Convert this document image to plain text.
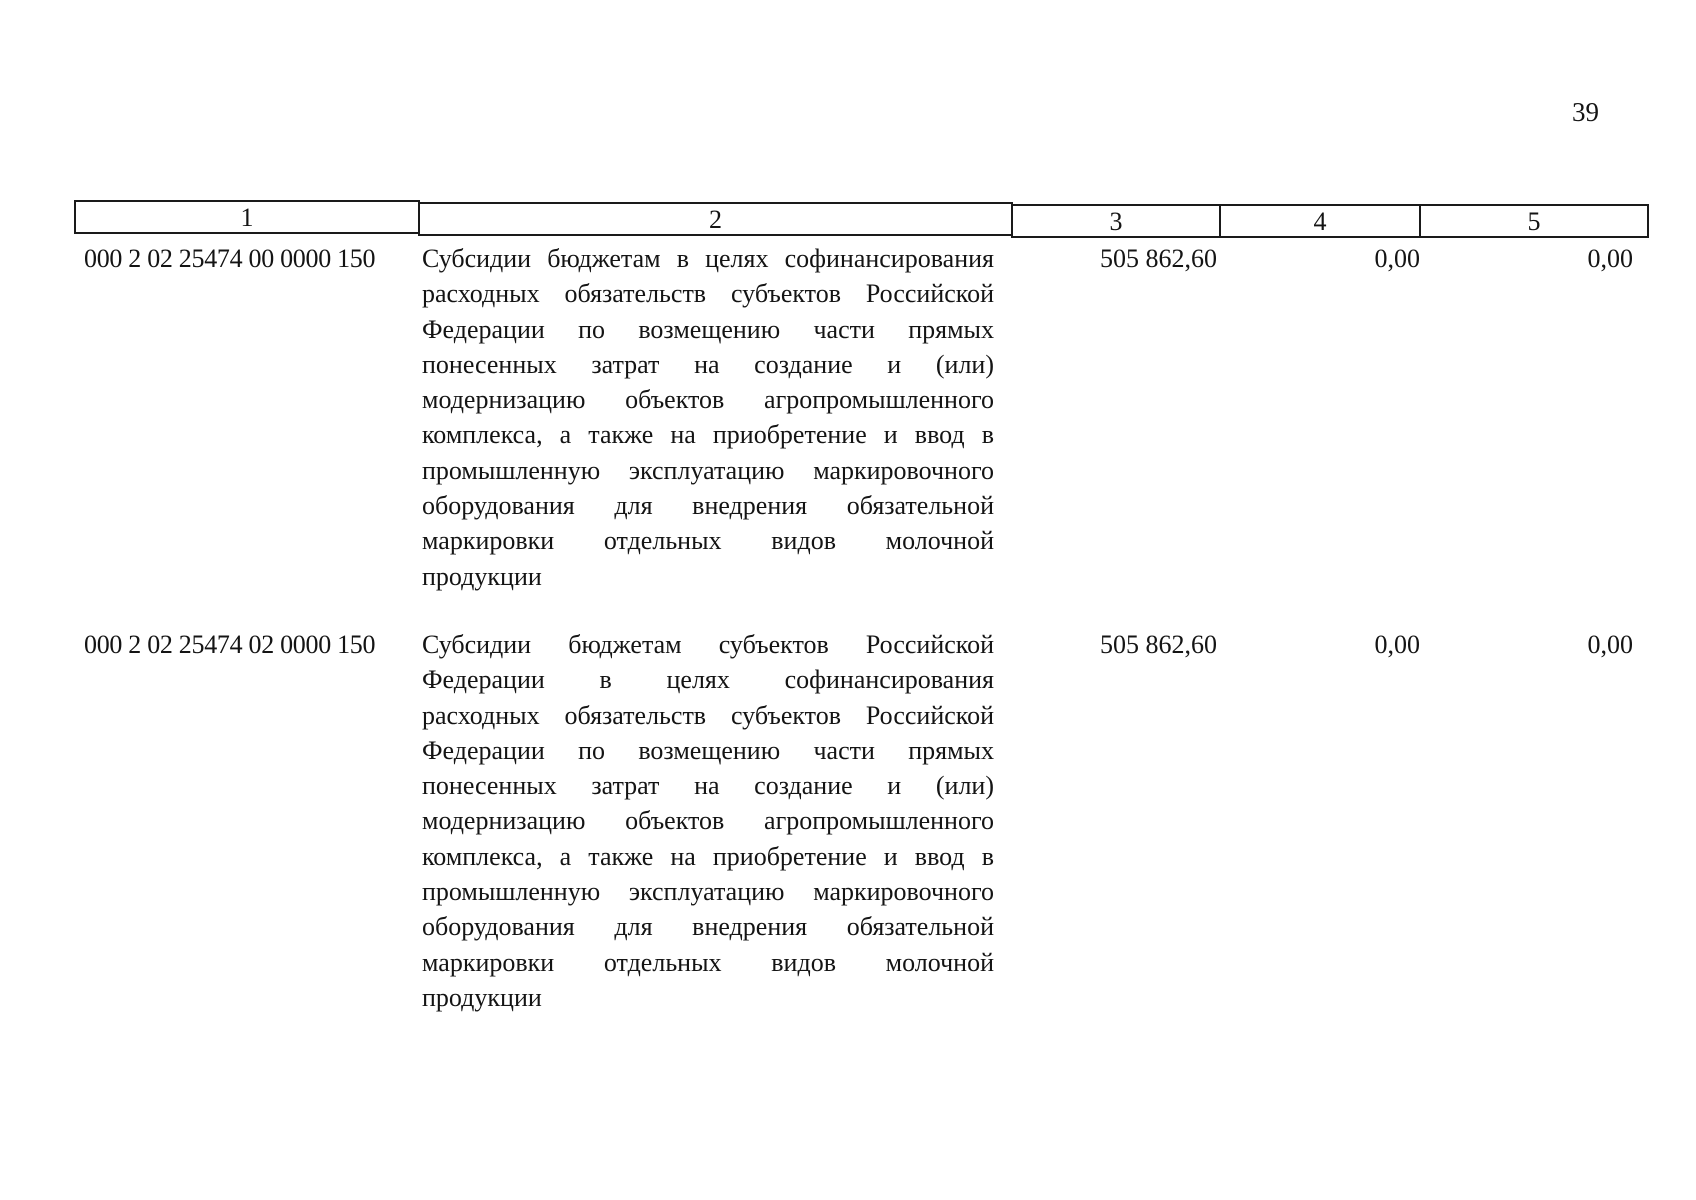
39
1	2	3	4	5
000 2 02 25474 00 0000 150	Субсидии бюджетам в целях софинансирования
расходных обязательств субъектов Российской
Федерации по возмещению части прямых
понесенных затрат на создание и (или)
модернизацию объектов агропромышленного
комплекса, а также на приобретение и ввод в
промышленную эксплуатацию маркировочного
оборудования для внедрения обязательной
маркировки отдельных видов молочной
продукции
505 862,60	0,00	0,00
000 2 02 25474 02 0000 150	Субсидии бюджетам субъектов Российской
Федерации в целях софинансирования
расходных обязательств субъектов Российской
Федерации по возмещению части прямых
понесенных затрат на создание и (или)
модернизацию объектов агропромышленного
комплекса, а также на приобретение и ввод в
промышленную эксплуатацию маркировочного
оборудования для внедрения обязательной
маркировки отдельных видов молочной
продукции
505 862,60	0,00	0,00
